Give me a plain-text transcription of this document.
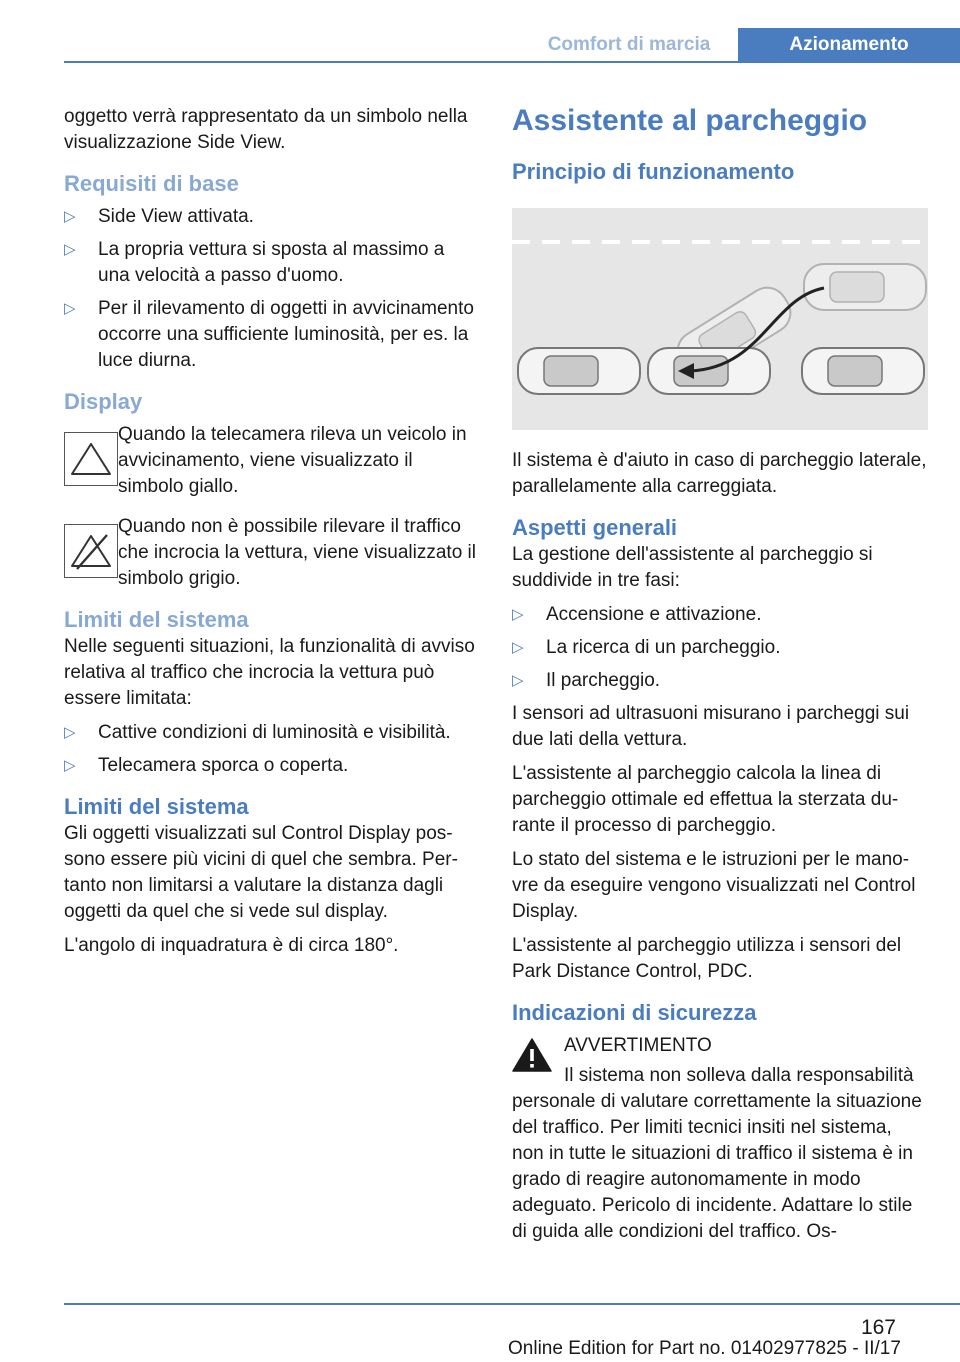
Comfort di marcia	Azionamento

oggetto verrà rappresentato da un simbolo nella visualizzazione Side View.

Requisiti di base
▷ Side View attivata.
▷ La propria vettura si sposta al massimo a una velocità a passo d'uomo.
▷ Per il rilevamento di oggetti in avvicinamento occorre una sufficiente luminosità, per es. la luce diurna.
Display
Quando la telecamera rileva un veicolo in avvicinamento, viene visualizzato il simbolo giallo.
Quando non è possibile rilevare il traffico che incrocia la vettura, viene visualizzato il simbolo grigio.
Limiti del sistema

Nelle seguenti situazioni, la funzionalità di avviso relativa al traffico che incrocia la vettura può essere limitata:

▷ Cattive condizioni di luminosità e visibilità.
▷ Telecamera sporca o coperta.
Limiti del sistema

Gli oggetti visualizzati sul Control Display possono essere più vicini di quel che sembra. Pertanto non limitarsi a valutare la distanza dagli oggetti da quel che si vede sul display.

L'angolo di inquadratura è di circa 180°.

Assistente al parcheggio
Principio di funzionamento

Il sistema è d'aiuto in caso di parcheggio laterale, parallelamente alla carreggiata.

Aspetti generali

La gestione dell'assistente al parcheggio si suddivide in tre fasi:

▷ Accensione e attivazione.
▷ La ricerca di un parcheggio.
▷ Il parcheggio.

I sensori ad ultrasuoni misurano i parcheggi sui due lati della vettura.

L'assistente al parcheggio calcola la linea di parcheggio ottimale ed effettua la sterzata durante il processo di parcheggio.

Lo stato del sistema e le istruzioni per le manovre da eseguire vengono visualizzati nel Control Display.

L'assistente al parcheggio utilizza i sensori del Park Distance Control, PDC.

Indicazioni di sicurezza
AVVERTIMENTO
Il sistema non solleva dalla responsabilità personale di valutare correttamente la situazione del traffico. Per limiti tecnici insiti nel sistema, non in tutte le situazioni di traffico il sistema è in grado di reagire autonomamente in modo adeguato. Pericolo di incidente. Adattare lo stile di guida alle condizioni del traffico. Os-
167
Online Edition for Part no. 01402977825 - II/17
